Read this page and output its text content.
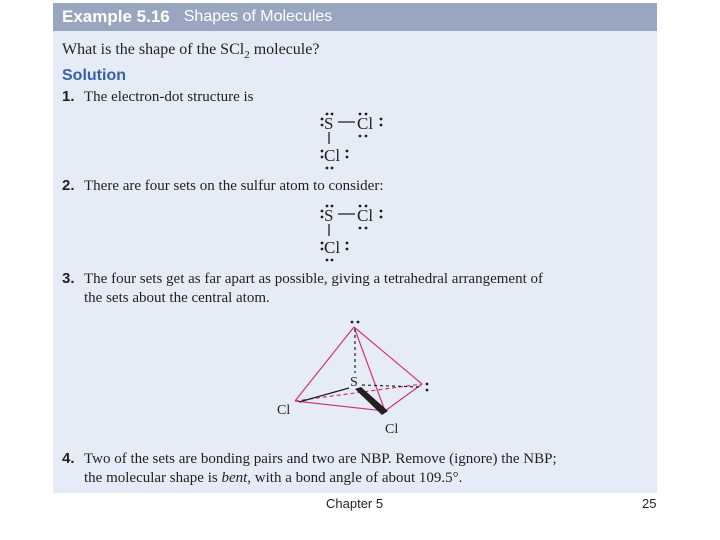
Example 5.16 Shapes of Molecules
What is the shape of the SCl$_2$ molecule?
Solution
1. The electron-dot structure is
S Cl
Cl
2. There are four sets on the sulfur atom to consider:
S Cl
Cl
3. The four sets get as far apart as possible, giving a tetrahedral arrangement of
the sets about the central atom.
S
Cl
Cl
4. Two of the sets are bonding pairs and two are NBP. Remove (ignore) the NBP;
the molecular shape is bent, with a bond angle of about 109.5°.
Chapter 5	25
